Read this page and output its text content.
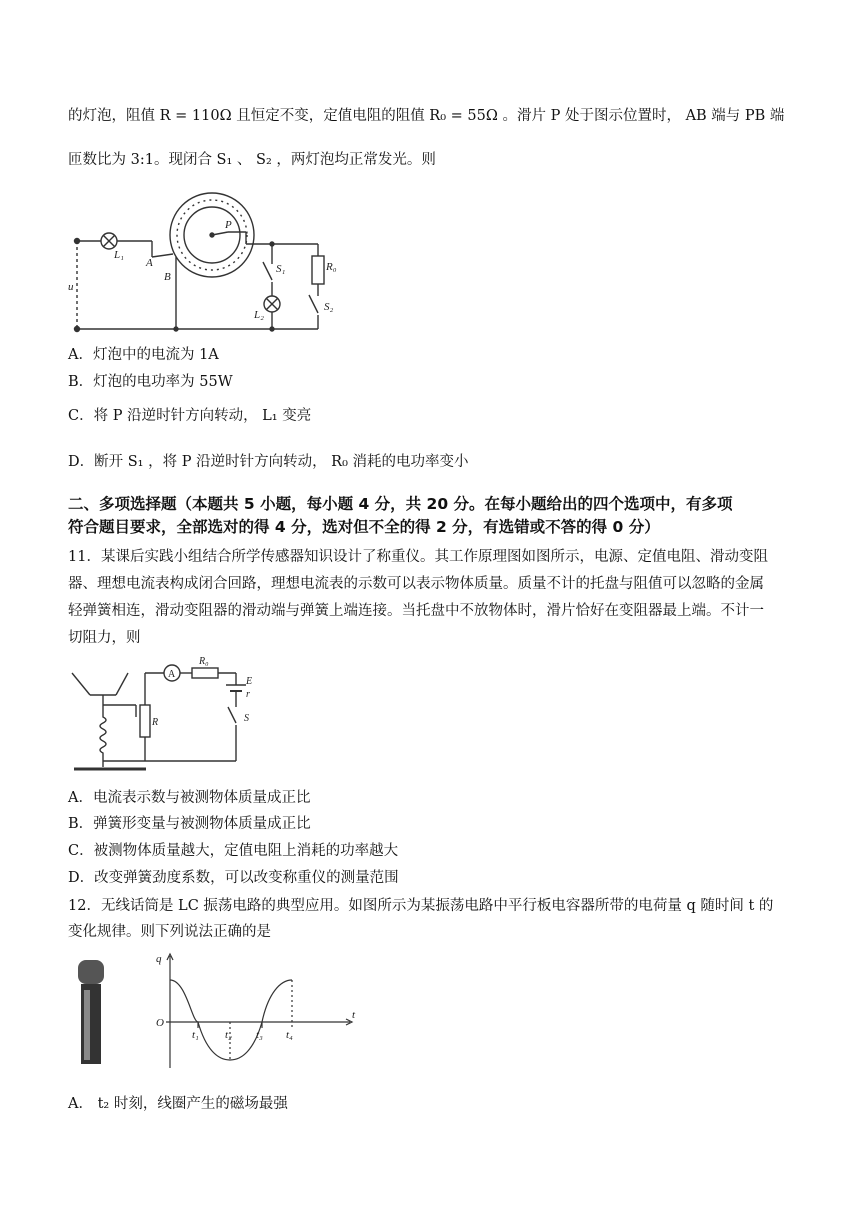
的灯泡，阻值 R = 110Ω 且恒定不变，定值电阻的阻值 R₀ = 55Ω 。滑片 P 处于图示位置时， AB 端与 PB 端
匝数比为 3:1。现闭合 S₁ 、 S₂ ，两灯泡均正常发光。则
L₁
A
B
P
u
S₁
L₂
R₀
S₂
A．灯泡中的电流为 1A
B．灯泡的电功率为 55W
C．将 P 沿逆时针方向转动， L₁ 变亮
D．断开 S₁ ，将 P 沿逆时针方向转动， R₀ 消耗的电功率变小
二、多项选择题（本题共 5 小题，每小题 4 分，共 20 分。在每小题给出的四个选项中，有多项
符合题目要求，全部选对的得 4 分，选对但不全的得 2 分，有选错或不答的得 0 分）
11．某课后实践小组结合所学传感器知识设计了称重仪。其工作原理图如图所示，电源、定值电阻、滑动变阻
器、理想电流表构成闭合回路，理想电流表的示数可以表示物体质量。质量不计的托盘与阻值可以忽略的金属
轻弹簧相连，滑动变阻器的滑动端与弹簧上端连接。当托盘中不放物体时，滑片恰好在变阻器最上端。不计一
切阻力，则
A
R₀
E
r
R	S
A．电流表示数与被测物体质量成正比
B．弹簧形变量与被测物体质量成正比
C．被测物体质量越大，定值电阻上消耗的功率越大
D．改变弹簧劲度系数，可以改变称重仪的测量范围
12．无线话筒是 LC 振荡电路的典型应用。如图所示为某振荡电路中平行板电容器所带的电荷量 q 随时间 t 的
变化规律。则下列说法正确的是
q
O
t
t₁ t₂ t₃ t₄
A． t₂ 时刻，线圈产生的磁场最强
